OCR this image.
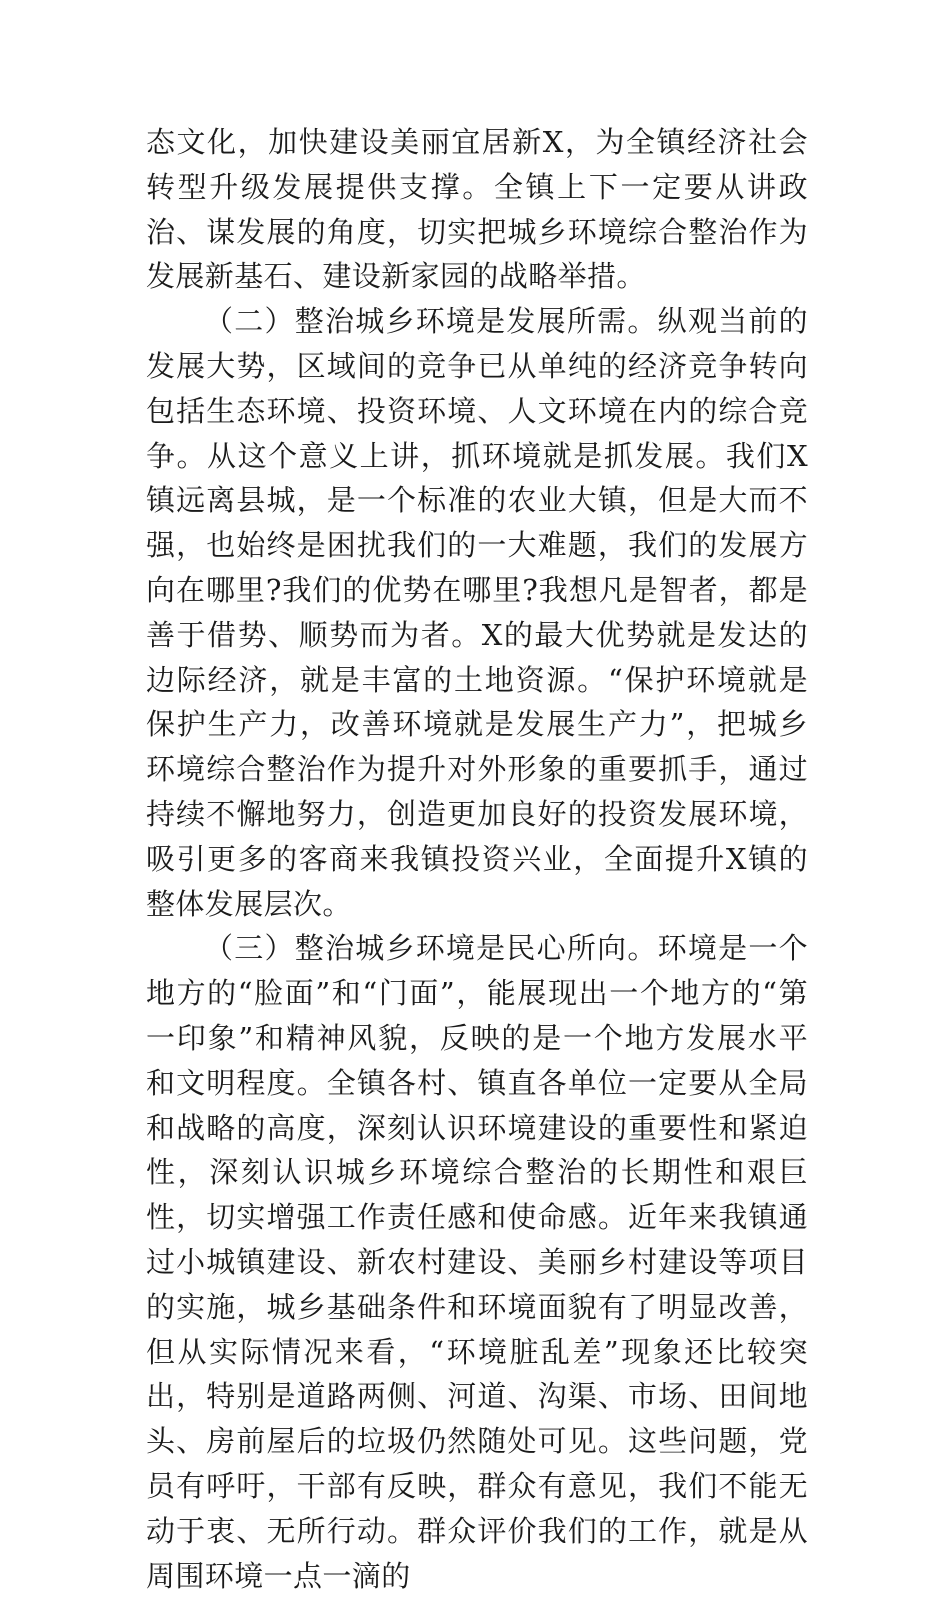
态文化，加快建设美丽宜居新X，为全镇经济社会转型升级发展提供支撑。全镇上下一定要从讲政治、谋发展的角度，切实把城乡环境综合整治作为发展新基石、建设新家园的战略举措。

（二）整治城乡环境是发展所需。纵观当前的发展大势，区域间的竞争已从单纯的经济竞争转向包括生态环境、投资环境、人文环境在内的综合竞争。从这个意义上讲，抓环境就是抓发展。我们X镇远离县城，是一个标准的农业大镇，但是大而不强，也始终是困扰我们的一大难题，我们的发展方向在哪里?我们的优势在哪里?我想凡是智者，都是善于借势、顺势而为者。X的最大优势就是发达的边际经济，就是丰富的土地资源。“保护环境就是保护生产力，改善环境就是发展生产力”，把城乡环境综合整治作为提升对外形象的重要抓手，通过持续不懈地努力，创造更加良好的投资发展环境，吸引更多的客商来我镇投资兴业，全面提升X镇的整体发展层次。

（三）整治城乡环境是民心所向。环境是一个地方的“脸面”和“门面”，能展现出一个地方的“第一印象”和精神风貌，反映的是一个地方发展水平和文明程度。全镇各村、镇直各单位一定要从全局和战略的高度，深刻认识环境建设的重要性和紧迫性，深刻认识城乡环境综合整治的长期性和艰巨性，切实增强工作责任感和使命感。近年来我镇通过小城镇建设、新农村建设、美丽乡村建设等项目的实施，城乡基础条件和环境面貌有了明显改善，但从实际情况来看，“环境脏乱差”现象还比较突出，特别是道路两侧、河道、沟渠、市场、田间地头、房前屋后的垃圾仍然随处可见。这些问题，党员有呼吁，干部有反映，群众有意见，我们不能无动于衷、无所行动。群众评价我们的工作，就是从周围环境一点一滴的
